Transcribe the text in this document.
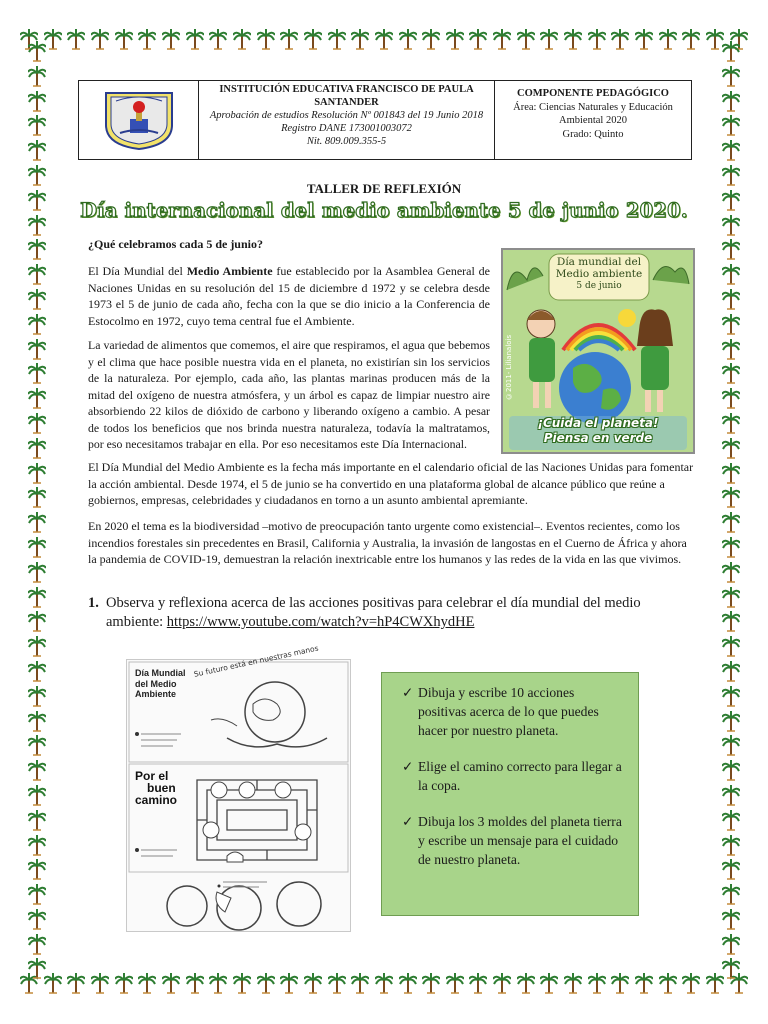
INSTITUCIÓN EDUCATIVA FRANCISCO DE PAULA SANTANDER
Aprobación de estudios Resolución Nº 001843 del 19 Junio 2018
Registro DANE 173001003072
Nit. 809.009.355-5
COMPONENTE PEDAGÓGICO
Área: Ciencias Naturales y Educación Ambiental 2020
Grado: Quinto
TALLER DE REFLEXIÓN
Día internacional del medio ambiente 5 de junio 2020.
¿Qué celebramos cada 5 de junio?
El Día Mundial del Medio Ambiente fue establecido por la Asamblea General de Naciones Unidas en su resolución del 15 de diciembre d 1972 y se celebra desde 1973 el 5 de junio de cada año, fecha con la que se dio inicio a la Conferencia de Estocolmo en 1972, cuyo tema central fue el Ambiente.
La variedad de alimentos que comemos, el aire que respiramos, el agua que bebemos y el clima que hace posible nuestra vida en el planeta, no existirían sin los servicios de la naturaleza. Por ejemplo, cada año, las plantas marinas producen más de la mitad del oxígeno de nuestra atmósfera, y un árbol es capaz de limpiar nuestro aire absorbiendo 22 kilos de dióxido de carbono y liberando oxígeno a cambio. A pesar de todos los beneficios que nos brinda nuestra naturaleza, todavía la maltratamos, por eso necesitamos trabajar en ella. Por eso necesitamos este Día Internacional.
Día mundial del
Medio ambiente
5 de junio
©2011- Lilianalois
¡Cuida el planeta!
Piensa en verde
El Día Mundial del Medio Ambiente es la fecha más importante en el calendario oficial de las Naciones Unidas para fomentar la acción ambiental. Desde 1974, el 5 de junio se ha convertido en una plataforma global de alcance público que reúne a gobiernos, empresas, celebridades y ciudadanos en torno a un asunto ambiental apremiante.
En 2020 el tema es la biodiversidad –motivo de preocupación tanto urgente como existencial–. Eventos recientes, como los incendios forestales sin precedentes en Brasil, California y Australia, la invasión de langostas en el Cuerno de África y ahora la pandemia de COVID-19, demuestran la relación inextricable entre los humanos y las redes de la vida en las que vivimos.
1. Observa y reflexiona acerca de las acciones positivas para celebrar el día mundial del medio ambiente: https://www.youtube.com/watch?v=hP4CWXhydHE
Día Mundial
del Medio
Ambiente
Su futuro está en nuestras manos
Por el
buen
camino
✓ Dibuja y escribe 10 acciones positivas acerca de lo que puedes hacer por nuestro planeta.
✓ Elige el camino correcto para llegar a la copa.
✓ Dibuja los 3 moldes del planeta tierra y escribe un mensaje para el cuidado de nuestro planeta.
